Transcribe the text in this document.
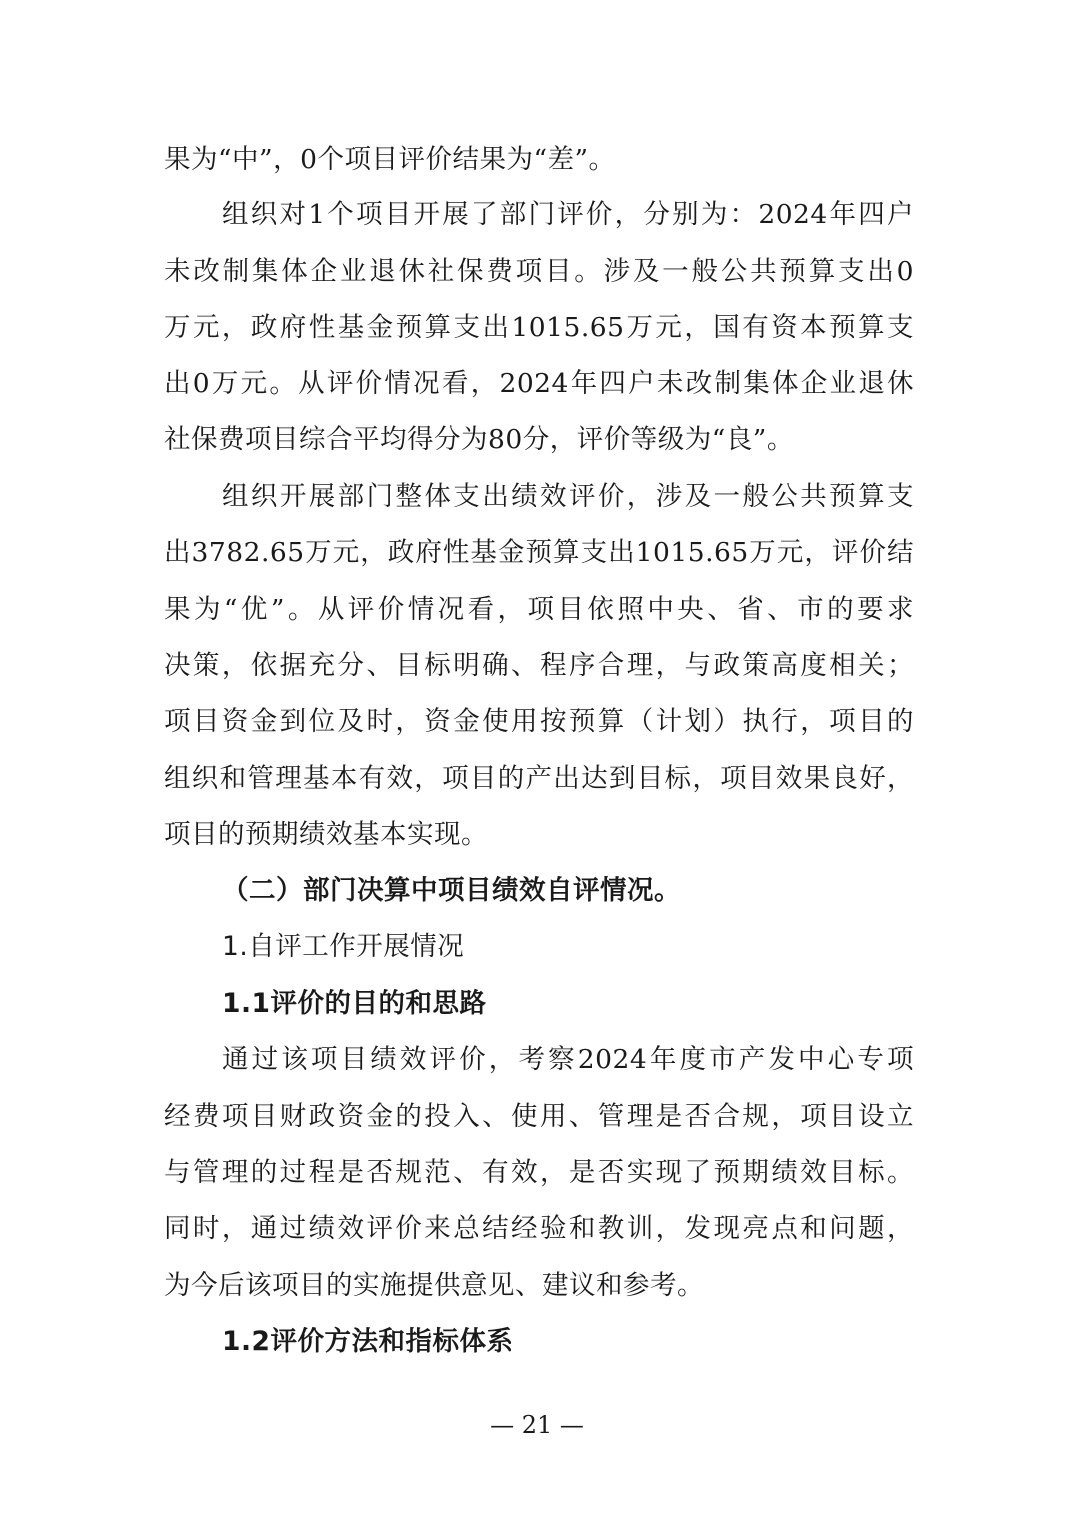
果为“中”，0个项目评价结果为“差”。
组织对1个项目开展了部门评价，分别为：2024年四户
未改制集体企业退休社保费项目。涉及一般公共预算支出0
万元，政府性基金预算支出1015.65万元，国有资本预算支
出0万元。从评价情况看，2024年四户未改制集体企业退休
社保费项目综合平均得分为80分，评价等级为“良”。
组织开展部门整体支出绩效评价，涉及一般公共预算支
出3782.65万元，政府性基金预算支出1015.65万元，评价结
果为“优”。从评价情况看，项目依照中央、省、市的要求
决策，依据充分、目标明确、程序合理，与政策高度相关；
项目资金到位及时，资金使用按预算（计划）执行，项目的
组织和管理基本有效，项目的产出达到目标，项目效果良好，
项目的预期绩效基本实现。
（二）部门决算中项目绩效自评情况。
1.自评工作开展情况
1.1评价的目的和思路
通过该项目绩效评价，考察2024年度市产发中心专项
经费项目财政资金的投入、使用、管理是否合规，项目设立
与管理的过程是否规范、有效，是否实现了预期绩效目标。
同时，通过绩效评价来总结经验和教训，发现亮点和问题，
为今后该项目的实施提供意见、建议和参考。
1.2评价方法和指标体系
— 21 —
